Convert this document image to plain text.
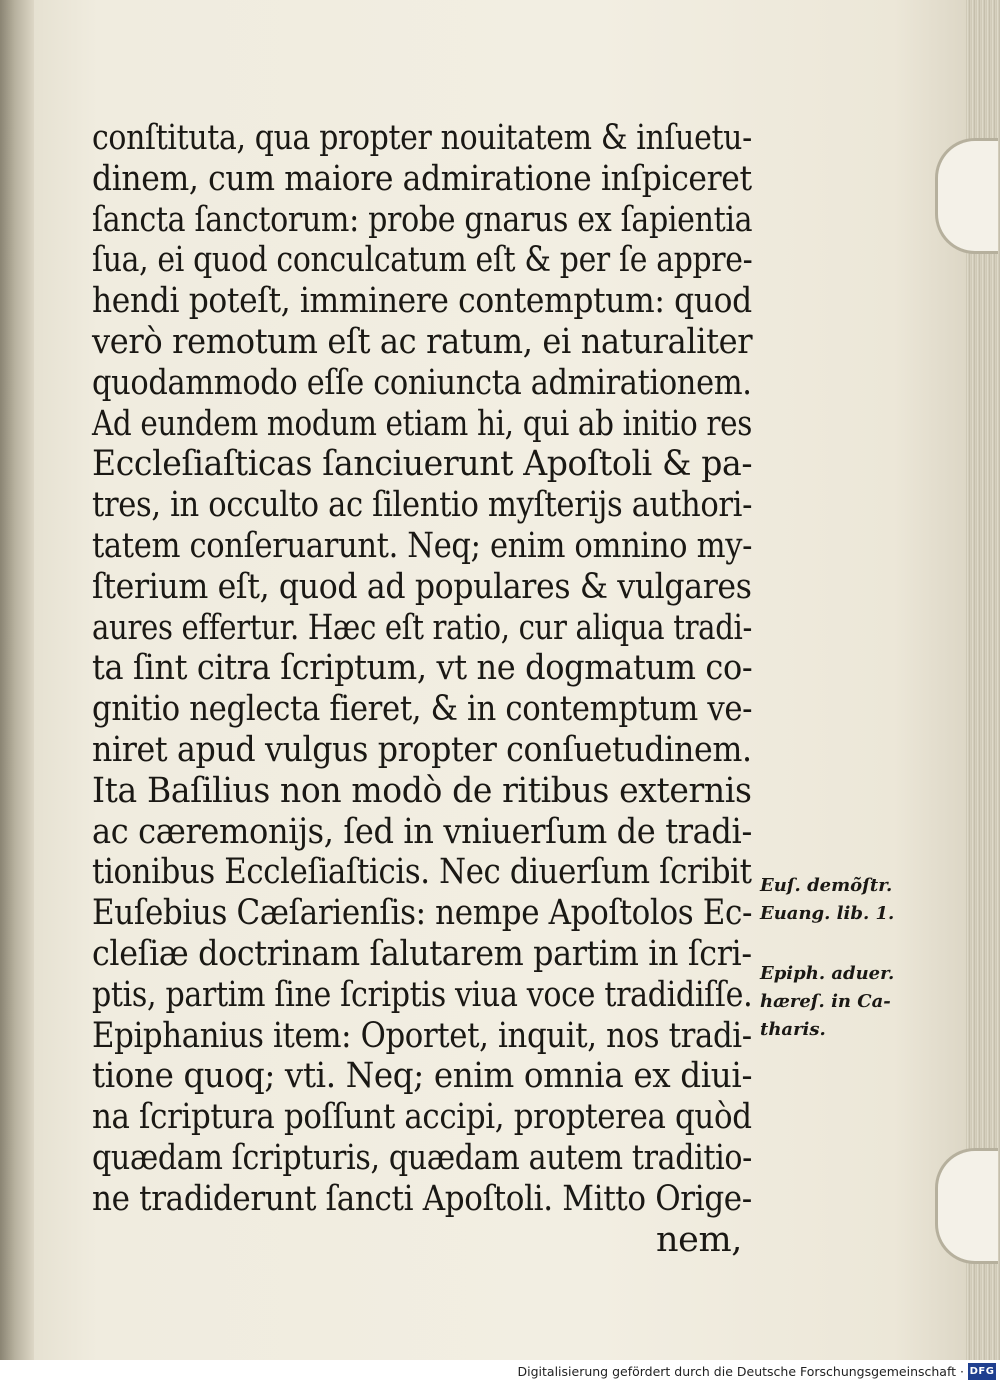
conſtituta, qua propter nouitatem & inſuetu-
dinem, cum maiore admiratione inſpiceret
ſancta ſanctorum: probe gnarus ex ſapientia
ſua, ei quod conculcatum eſt & per ſe appre-
hendi poteſt, imminere contemptum: quod
verò remotum eſt ac ratum, ei naturaliter
quodammodo eſſe coniuncta admirationem.
Ad eundem modum etiam hi, qui ab initio res
Eccleſiaſticas ſanciuerunt Apoſtoli & pa-
tres, in occulto ac ſilentio myſterijs authori-
tatem conſeruarunt. Neq; enim omnino my-
ſterium eſt, quod ad populares & vulgares
aures effertur. Hæc eſt ratio, cur aliqua tradi-
ta ſint citra ſcriptum, vt ne dogmatum co-
gnitio neglecta fieret, & in contemptum ve-
niret apud vulgus propter conſuetudinem.
Ita Baſilius non modò de ritibus externis
ac cæremonijs, ſed in vniuerſum de tradi-
tionibus Eccleſiaſticis. Nec diuerſum ſcribit
Euſebius Cæſarienſis: nempe Apoſtolos Ec-
cleſiæ doctrinam ſalutarem partim in ſcri-
ptis, partim ſine ſcriptis viua voce tradidiſſe.
Epiphanius item: Oportet, inquit, nos tradi-
tione quoq; vti. Neq; enim omnia ex diui-
na ſcriptura poſſunt accipi, propterea quòd
quædam ſcripturis, quædam autem traditio-
ne tradiderunt ſancti Apoſtoli. Mitto Orige-
nem,
Euſ. demõſtr.
Euang. lib. 1.
Epiph. aduer.
hæreſ. in Ca-
tharis.
Digitalisierung gefördert durch die Deutsche Forschungsgemeinschaft · DFG
